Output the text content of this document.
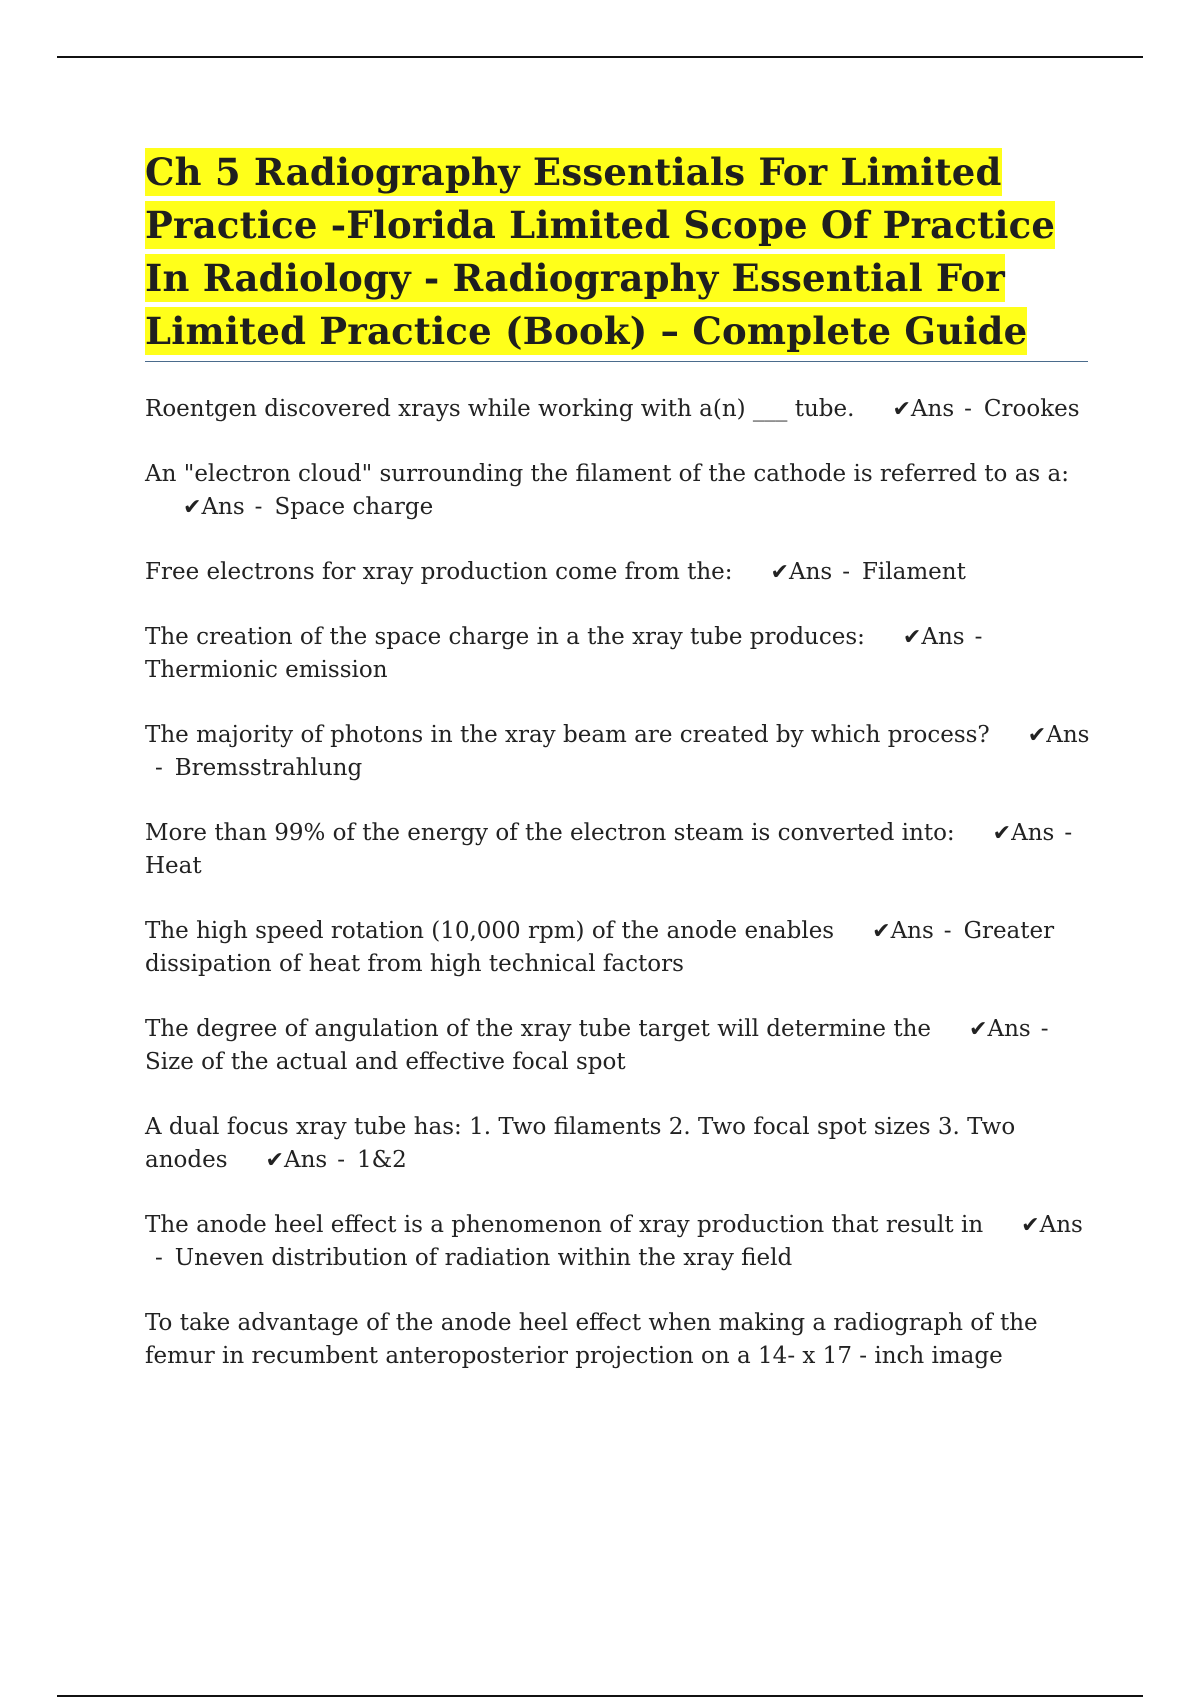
Ch 5 Radiography Essentials For Limited Practice -Florida Limited Scope Of Practice In Radiology - Radiography Essential For Limited Practice (Book) – Complete Guide

Roentgen discovered xrays while working with a(n) ___ tube. ✔Ans - Crookes

An "electron cloud" surrounding the filament of the cathode is referred to as a:✔Ans - Space charge

Free electrons for xray production come from the: ✔Ans - Filament

The creation of the space charge in a the xray tube produces: ✔Ans -Thermionic emission

The majority of photons in the xray beam are created by which process? ✔Ans- Bremsstrahlung

More than 99% of the energy of the electron steam is converted into: ✔Ans -Heat

The high speed rotation (10,000 rpm) of the anode enables ✔Ans - Greater dissipation of heat from high technical factors

The degree of angulation of the xray tube target will determine the ✔Ans -Size of the actual and effective focal spot

A dual focus xray tube has: 1. Two filaments 2. Two focal spot sizes 3. Two anodes ✔Ans - 1&2

The anode heel effect is a phenomenon of xray production that result in ✔Ans- Uneven distribution of radiation within the xray field

To take advantage of the anode heel effect when making a radiograph of the femur in recumbent anteroposterior projection on a 14- x 17 - inch image
